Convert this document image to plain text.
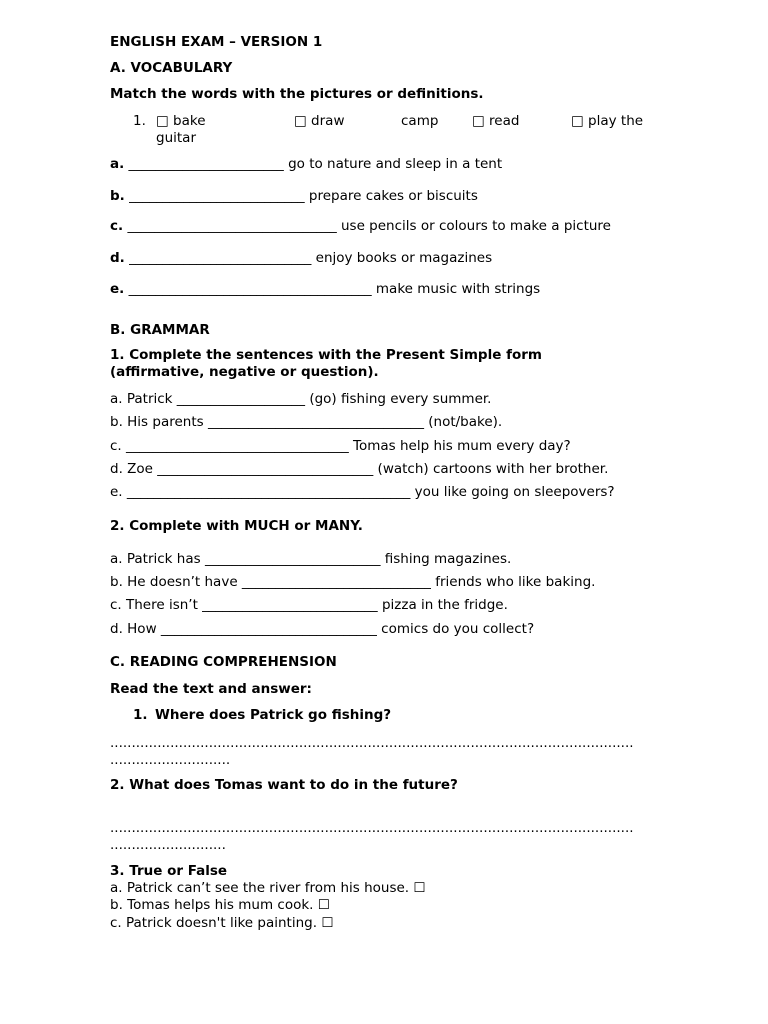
ENGLISH EXAM – VERSION 1
A. VOCABULARY
Match the words with the pictures or definitions.
1. □ bake	□ draw	camp □ read	□ play the
guitar
a. _______________________ go to nature and sleep in a tent
b. __________________________ prepare cakes or biscuits
c. _______________________________ use pencils or colours to make a picture
d. ___________________________ enjoy books or magazines
e. ____________________________________ make music with strings
B. GRAMMAR
1. Complete the sentences with the Present Simple form
(affirmative, negative or question).
a. Patrick ___________________ (go) fishing every summer.
b. His parents ________________________________ (not/bake).
c. _________________________________ Tomas help his mum every day?
d. Zoe ________________________________ (watch) cartoons with her brother.
e. __________________________________________ you like going on sleepovers?
2. Complete with MUCH or MANY.
a. Patrick has __________________________ fishing magazines.
b. He doesn’t have ____________________________ friends who like baking.
c. There isn’t __________________________ pizza in the fridge.
d. How ________________________________ comics do you collect?
C. READING COMPREHENSION
Read the text and answer:
1. Where does Patrick go fishing?
..........................................................................................................................
............................
2. What does Tomas want to do in the future?
..........................................................................................................................
...........................
3. True or False
a. Patrick can’t see the river from his house. ☐
b. Tomas helps his mum cook. ☐
c. Patrick doesn't like painting. ☐
